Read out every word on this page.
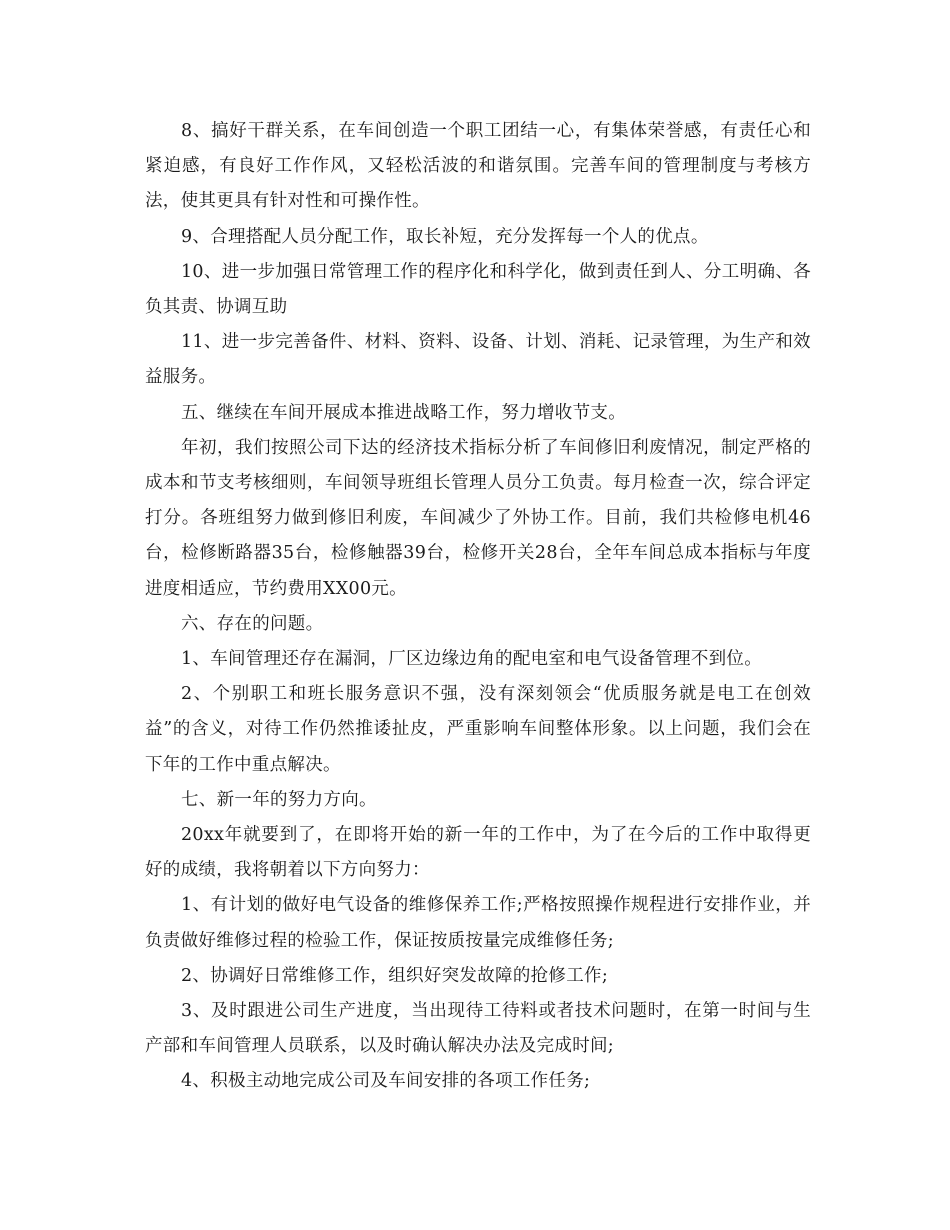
8、搞好干群关系，在车间创造一个职工团结一心，有集体荣誉感，有责任心和紧迫感，有良好工作作风，又轻松活波的和谐氛围。完善车间的管理制度与考核方法，使其更具有针对性和可操作性。

9、合理搭配人员分配工作，取长补短，充分发挥每一个人的优点。

10、进一步加强日常管理工作的程序化和科学化，做到责任到人、分工明确、各负其责、协调互助

11、进一步完善备件、材料、资料、设备、计划、消耗、记录管理，为生产和效益服务。

五、继续在车间开展成本推进战略工作，努力增收节支。

年初，我们按照公司下达的经济技术指标分析了车间修旧利废情况，制定严格的成本和节支考核细则，车间领导班组长管理人员分工负责。每月检查一次，综合评定打分。各班组努力做到修旧利废，车间减少了外协工作。目前，我们共检修电机46台，检修断路器35台，检修触器39台，检修开关28台，全年车间总成本指标与年度进度相适应，节约费用XX00元。

六、存在的问题。

1、车间管理还存在漏洞，厂区边缘边角的配电室和电气设备管理不到位。

2、个别职工和班长服务意识不强，没有深刻领会“优质服务就是电工在创效益”的含义，对待工作仍然推诿扯皮，严重影响车间整体形象。以上问题，我们会在下年的工作中重点解决。

七、新一年的努力方向。

20xx年就要到了，在即将开始的新一年的工作中，为了在今后的工作中取得更好的成绩，我将朝着以下方向努力：

1、有计划的做好电气设备的维修保养工作;严格按照操作规程进行安排作业，并负责做好维修过程的检验工作，保证按质按量完成维修任务;

2、协调好日常维修工作，组织好突发故障的抢修工作;

3、及时跟进公司生产进度，当出现待工待料或者技术问题时，在第一时间与生产部和车间管理人员联系，以及时确认解决办法及完成时间;

4、积极主动地完成公司及车间安排的各项工作任务;
